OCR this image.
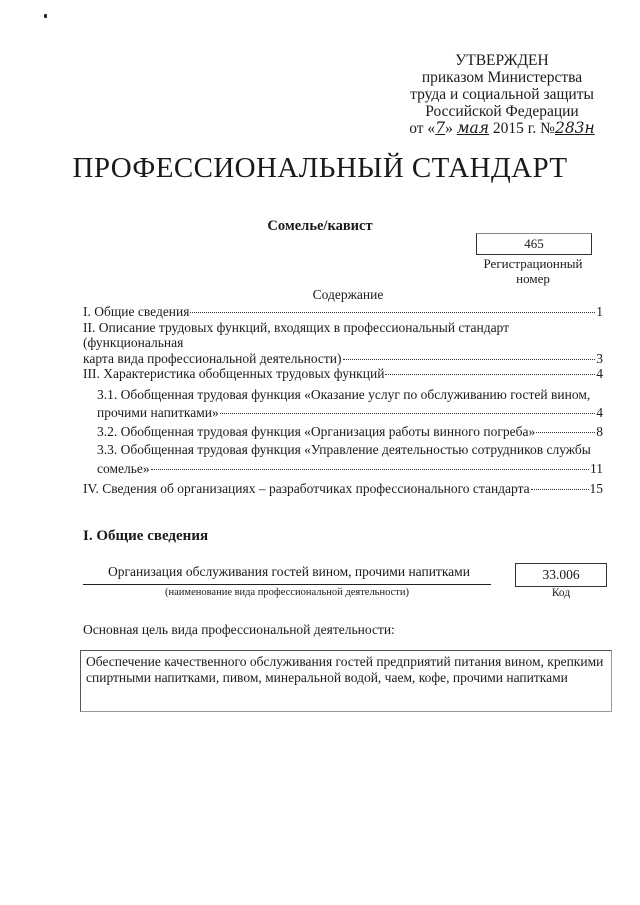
УТВЕРЖДЕН
приказом Министерства
труда и социальной защиты
Российской Федерации
от «7» мая 2015 г. №283н
ПРОФЕССИОНАЛЬНЫЙ СТАНДАРТ
Сомелье/кавист
465
Регистрационный номер
Содержание
I. Общие сведения	1
II. Описание трудовых функций, входящих в профессиональный стандарт (функциональная
карта вида профессиональной деятельности)	3
III. Характеристика обобщенных трудовых функций	4
3.1. Обобщенная трудовая функция «Оказание услуг по обслуживанию гостей вином,
прочими напитками»	4
3.2. Обобщенная трудовая функция «Организация работы винного погреба»	8
3.3. Обобщенная трудовая функция «Управление деятельностью сотрудников службы
сомелье»	11
IV. Сведения об организациях – разработчиках профессионального стандарта	15
I. Общие сведения
Организация обслуживания гостей вином, прочими напитками
(наименование вида профессиональной деятельности)
33.006
Код
Основная цель вида профессиональной деятельности:
Обеспечение качественного обслуживания гостей предприятий питания вином, крепкими спиртными напитками, пивом, минеральной водой, чаем, кофе, прочими напитками
